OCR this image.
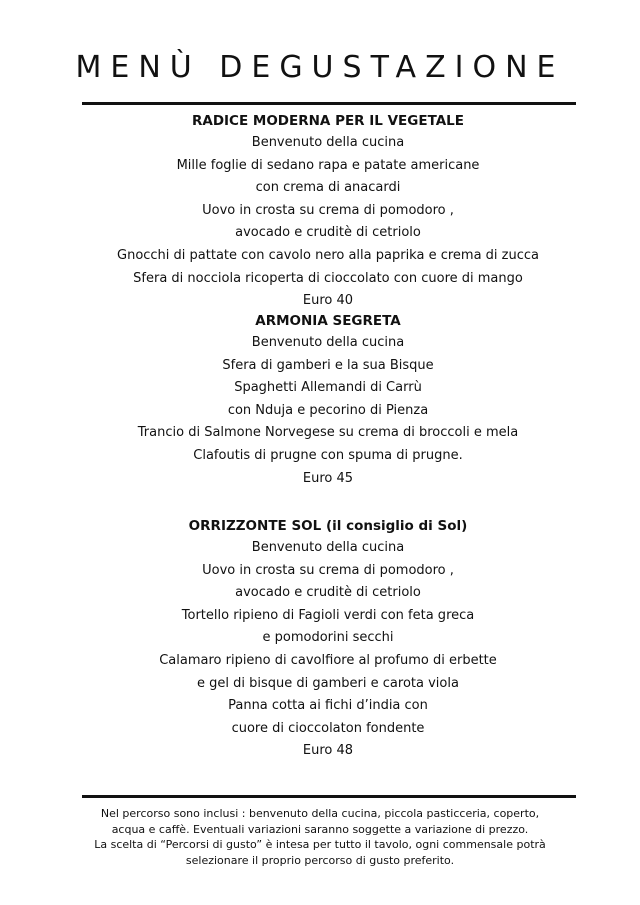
MENÙ DEGUSTAZIONE
RADICE MODERNA PER IL VEGETALE
Benvenuto della cucina
Mille foglie di sedano rapa e patate americane
con crema di anacardi
Uovo in crosta su crema di pomodoro ,
avocado e cruditè di cetriolo
Gnocchi di pattate con cavolo nero alla paprika e crema di zucca
Sfera di nocciola ricoperta di cioccolato con cuore di mango
Euro 40
ARMONIA SEGRETA
Benvenuto della cucina
Sfera di gamberi e la sua Bisque
Spaghetti Allemandi di Carrù
con Nduja e pecorino di Pienza
Trancio di Salmone Norvegese su crema di broccoli e mela
Clafoutis di prugne con spuma di prugne.
Euro 45
ORRIZZONTE SOL (il consiglio di Sol)
Benvenuto della cucina
Uovo in crosta su crema di pomodoro ,
avocado e cruditè di cetriolo
Tortello ripieno di Fagioli verdi con feta greca
e pomodorini secchi
Calamaro ripieno di cavolfiore al profumo di erbette
e gel di bisque di gamberi e carota viola
Panna cotta ai fichi d’india con
cuore di cioccolaton fondente
Euro 48
Nel percorso sono inclusi : benvenuto della cucina, piccola pasticceria, coperto,
acqua e caffè. Eventuali variazioni saranno soggette a variazione di prezzo.
La scelta di “Percorsi di gusto” è intesa per tutto il tavolo, ogni commensale potrà
selezionare il proprio percorso di gusto preferito.
